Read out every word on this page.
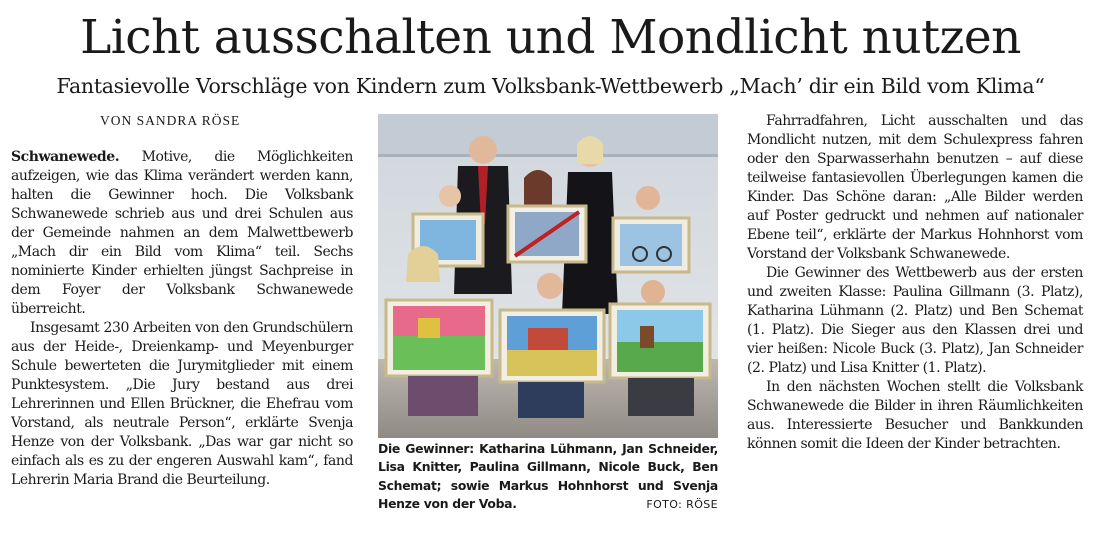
Licht ausschalten und Mondlicht nutzen
Fantasievolle Vorschläge von Kindern zum Volksbank-Wettbewerb „Mach’ dir ein Bild vom Klima“
VON SANDRA RÖSE

Schwanewede. Motive, die Möglichkeiten aufzeigen, wie das Klima verändert werden kann, halten die Gewinner hoch. Die Volksbank Schwanewede schrieb aus und drei Schulen aus der Gemeinde nahmen an dem Malwettbewerb „Mach dir ein Bild vom Klima“ teil. Sechs nominierte Kinder erhielten jüngst Sachpreise in dem Foyer der Volksbank Schwanewede überreicht.

Insgesamt 230 Arbeiten von den Grundschülern aus der Heide-, Dreienkamp- und Meyenburger Schule bewerteten die Jurymitglieder mit einem Punktesystem. „Die Jury bestand aus drei Lehrerinnen und Ellen Brückner, die Ehefrau vom Vorstand, als neutrale Person“, erklärte Svenja Henze von der Volksbank. „Das war gar nicht so einfach als es zu der engeren Auswahl kam“, fand Lehrerin Maria Brand die Beurteilung.

Die Gewinner: Katharina Lühmann, Jan Schneider, Lisa Knitter, Paulina Gillmann, Nicole Buck, Ben Schemat; sowie Markus Hohnhorst und Svenja Henze von der Voba.	FOTO: RÖSE

Fahrradfahren, Licht ausschalten und das Mondlicht nutzen, mit dem Schulexpress fahren oder den Sparwasserhahn benutzen – auf diese teilweise fantasievollen Überlegungen kamen die Kinder. Das Schöne daran: „Alle Bilder werden auf Poster gedruckt und nehmen auf nationaler Ebene teil“, erklärte der Markus Hohnhorst vom Vorstand der Volksbank Schwanewede.

Die Gewinner des Wettbewerb aus der ersten und zweiten Klasse: Paulina Gillmann (3. Platz), Katharina Lühmann (2. Platz) und Ben Schemat (1. Platz). Die Sieger aus den Klassen drei und vier heißen: Nicole Buck (3. Platz), Jan Schneider (2. Platz) und Lisa Knitter (1. Platz).

In den nächsten Wochen stellt die Volksbank Schwanewede die Bilder in ihren Räumlichkeiten aus. Interessierte Besucher und Bankkunden können somit die Ideen der Kinder betrachten.
